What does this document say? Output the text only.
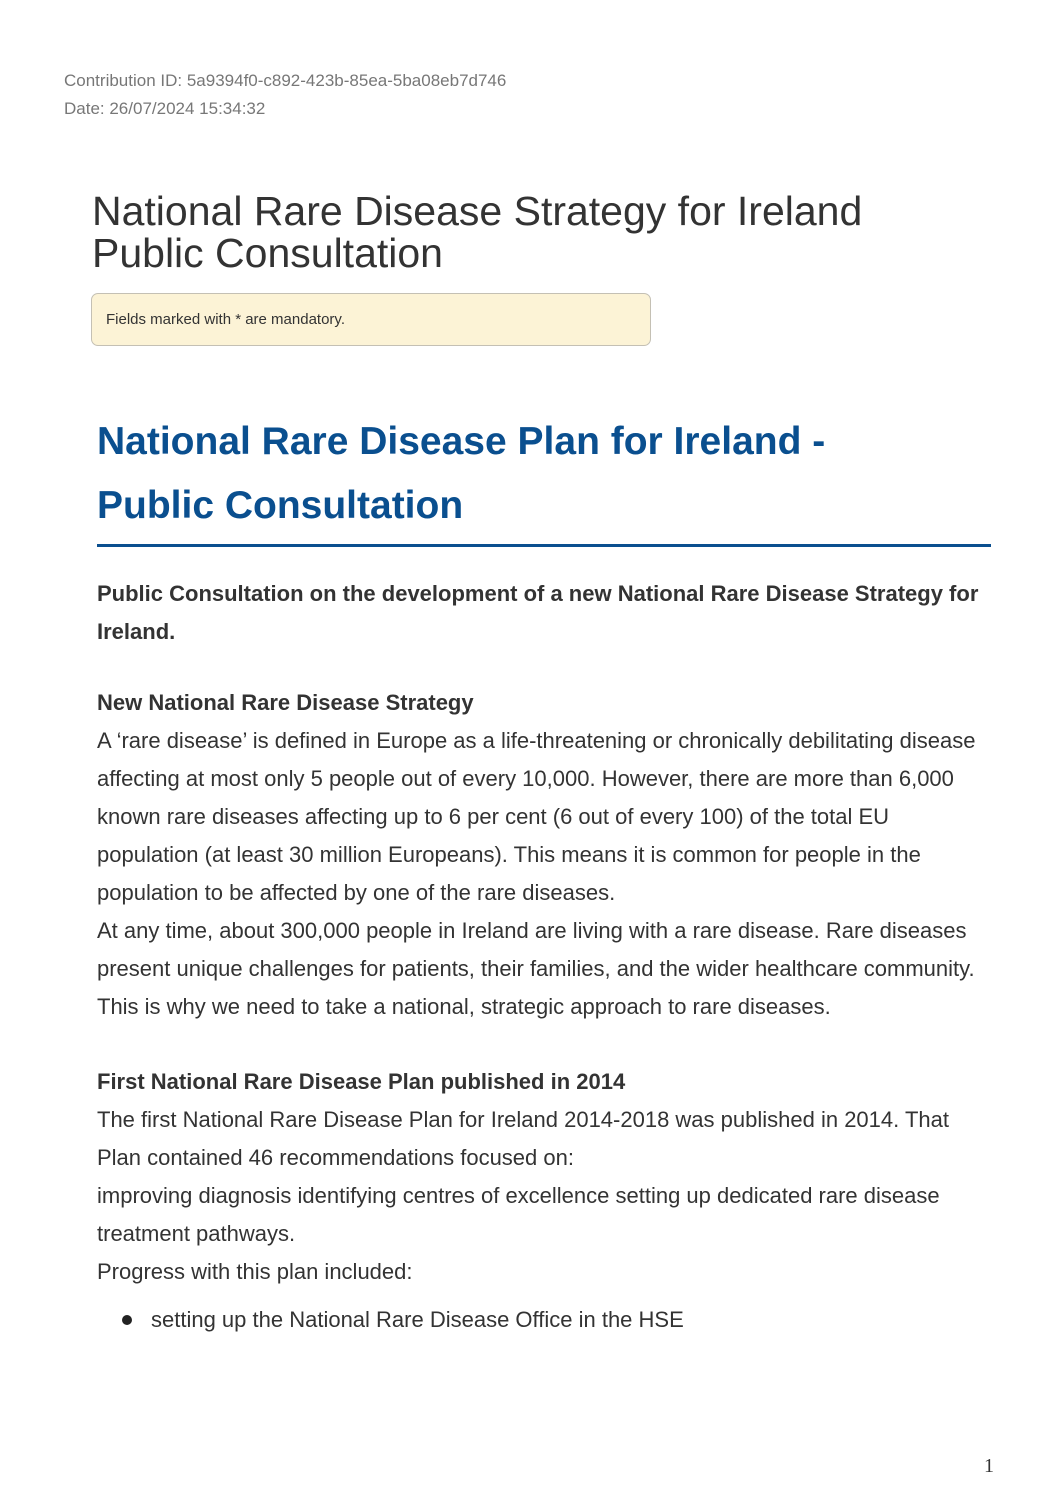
Contribution ID: 5a9394f0-c892-423b-85ea-5ba08eb7d746
Date: 26/07/2024 15:34:32
National Rare Disease Strategy for Ireland
Public Consultation
Fields marked with * are mandatory.
National Rare Disease Plan for Ireland -
Public Consultation

Public Consultation on the development of a new National Rare Disease Strategy for Ireland.

New National Rare Disease Strategy

A ‘rare disease’ is defined in Europe as a life-threatening or chronically debilitating disease affecting at most only 5 people out of every 10,000. However, there are more than 6,000 known rare diseases affecting up to 6 per cent (6 out of every 100) of the total EU population (at least 30 million Europeans). This means it is common for people in the population to be affected by one of the rare diseases.

At any time, about 300,000 people in Ireland are living with a rare disease. Rare diseases present unique challenges for patients, their families, and the wider healthcare community. This is why we need to take a national, strategic approach to rare diseases.

First National Rare Disease Plan published in 2014

The first National Rare Disease Plan for Ireland 2014-2018 was published in 2014. That Plan contained 46 recommendations focused on:

improving diagnosis identifying centres of excellence setting up dedicated rare disease treatment pathways.

Progress with this plan included:

setting up the National Rare Disease Office in the HSE
1
